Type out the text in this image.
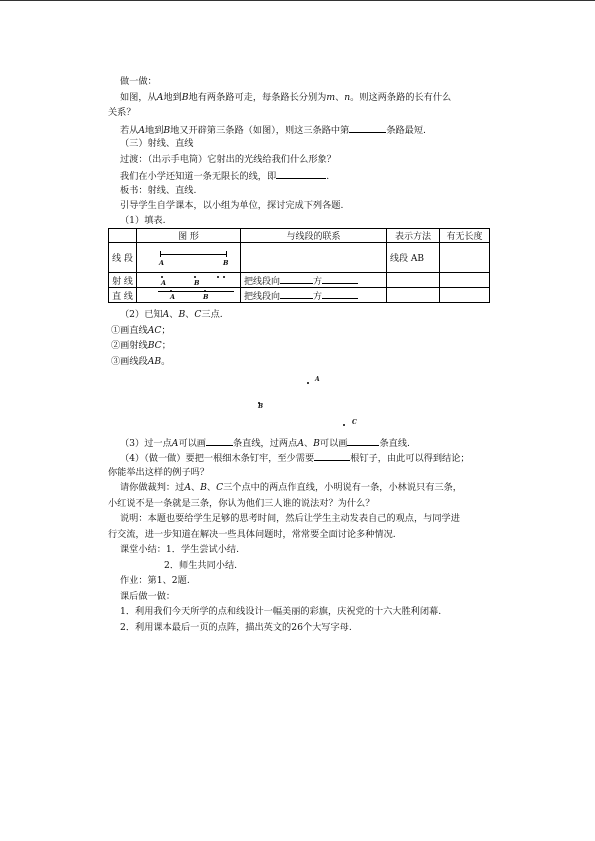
做一做：
如图，从A地到B地有两条路可走，每条路长分别为m、n。则这两条路的长有什么
关系？
若从A地到B地又开辟第三条路（如图），则这三条路中第	条路最短.
（三）射线、直线
过渡：（出示手电筒）它射出的光线给我们什么形象？
我们在小学还知道一条无限长的线，即	.
板书：射线、直线.
引导学生自学课本，以小组为单位，探讨完成下列各题.
（1）填表.
	图 形	与线段的联系	表示方法	有无长度
线 段	A B		线段 AB	
射 线	A B	把线段向 方		
直 线	A B	把线段向 方		
（2）已知A、B、C三点.
①画直线AC；
②画射线BC；
③画线段AB。
A
B
C
（3）过一点A可以画	条直线，过两点A、B可以画	条直线.
（4）（做一做）要把一根细木条钉牢，至少需要	根钉子，由此可以得到结论；
你能举出这样的例子吗？
请你做裁判：过A、B、C三个点中的两点作直线，小明说有一条，小林说只有三条，
小红说不是一条就是三条，你认为他们三人谁的说法对？为什么？
说明：本题也要给学生足够的思考时间，然后让学生主动发表自己的观点，与同学进
行交流，进一步知道在解决一些具体问题时，常常要全面讨论多种情况.
课堂小结：1．学生尝试小结.
2．师生共同小结.
作业：第1、2题.
课后做一做：
1．利用我们今天所学的点和线设计一幅美丽的彩旗，庆祝党的十六大胜利闭幕.
2．利用课本最后一页的点阵，描出英文的26个大写字母.
